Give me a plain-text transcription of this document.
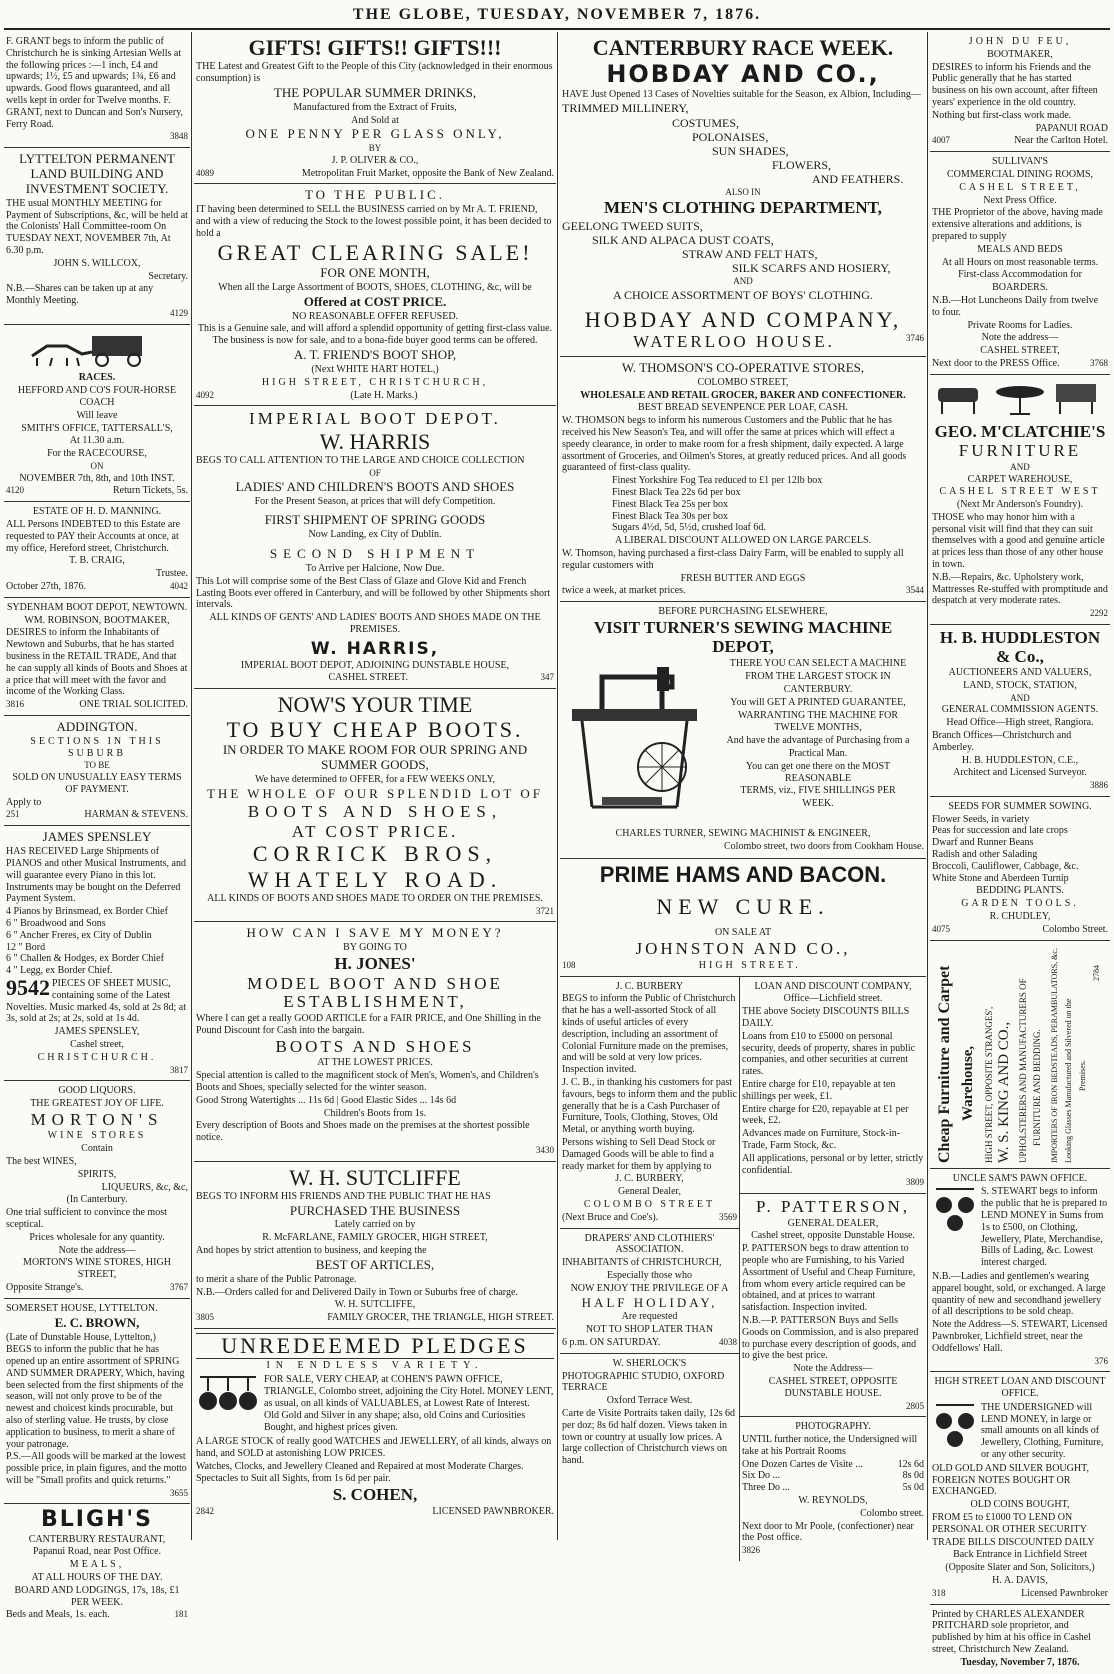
THE GLOBE, TUESDAY, NOVEMBER 7, 1876.

F. GRANT begs to inform the public of Christchurch he is sinking Artesian Wells at the following prices :—1 inch, £4 and upwards; 1½, £5 and upwards; 1¾, £6 and upwards. Good flows guaranteed, and all wells kept in order for Twelve months. F. GRANT, next to Duncan and Son's Nursery, Ferry Road.

3848

LYTTELTON PERMANENT LAND BUILDING AND INVESTMENT SOCIETY.

THE usual MONTHLY MEETING for Payment of Subscriptions, &c, will be held at the Colonists' Hall Committee-room On TUESDAY NEXT, NOVEMBER 7th, At 6.30 p.m.

JOHN S. WILLCOX,

Secretary.

N.B.—Shares can be taken up at any Monthly Meeting.

4129

RACES.

HEFFORD AND CO'S FOUR-HORSE COACH

Will leave

SMITH'S OFFICE, TATTERSALL'S,

At 11.30 a.m.

For the RACECOURSE,

ON

NOVEMBER 7th, 8th, and 10th INST.

4120	Return Tickets, 5s.

ESTATE OF H. D. MANNING.

ALL Persons INDEBTED to this Estate are requested to PAY their Accounts at once, at my office, Hereford street, Christchurch.

T. B. CRAIG,

Trustee.

October 27th, 1876.	4042

SYDENHAM BOOT DEPOT, NEWTOWN.

WM. ROBINSON, BOOTMAKER,

DESIRES to inform the Inhabitants of Newtown and Suburbs, that he has started business in the RETAIL TRADE, And that he can supply all kinds of Boots and Shoes at a price that will meet with the favor and income of the Working Class.

3816	ONE TRIAL SOLICITED.

ADDINGTON.

SECTIONS IN THIS SUBURB

TO BE

SOLD ON UNUSUALLY EASY TERMS OF PAYMENT.

Apply to

251	HARMAN & STEVENS.

JAMES SPENSLEY

HAS RECEIVED Large Shipments of PIANOS and other Musical Instruments, and will guarantee every Piano in this lot. Instruments may be bought on the Deferred Payment System.

4 Pianos by Brinsmead, ex Border Chief

6 " Broadwood and Sons

6 " Ancher Freres, ex City of Dublin

12 " Bord

6 " Challen & Hodges, ex Border Chief

4 " Legg, ex Border Chief.

9542 PIECES OF SHEET MUSIC, containing some of the Latest Novelties. Music marked 4s, sold at 2s 8d; at 3s, sold at 2s; at 2s, sold at 1s 4d.

JAMES SPENSLEY,

Cashel street,

CHRISTCHURCH.

3817

GOOD LIQUORS.

THE GREATEST JOY OF LIFE.

MORTON'S

WINE STORES

Contain

The best WINES,

SPIRITS,

LIQUEURS, &c, &c,

(In Canterbury.

One trial sufficient to convince the most sceptical.

Prices wholesale for any quantity.

Note the address—

MORTON'S WINE STORES, HIGH STREET,

Opposite Strange's.	3767

SOMERSET HOUSE, LYTTELTON.

E. C. BROWN,

(Late of Dunstable House, Lyttelton,)

BEGS to inform the public that he has opened up an entire assortment of SPRING AND SUMMER DRAPERY, Which, having been selected from the first shipments of the season, will not only prove to be of the newest and choicest kinds procurable, but also of sterling value. He trusts, by close application to business, to merit a share of your patronage.

P.S.—All goods will be marked at the lowest possible price, in plain figures, and the motto will be "Small profits and quick returns."

3655

BLIGH'S

CANTERBURY RESTAURANT,

Papanui Road, near Post Office.

MEALS,

AT ALL HOURS OF THE DAY.

BOARD AND LODGINGS, 17s, 18s, £1 PER WEEK.

Beds and Meals, 1s. each.	181

GIFTS! GIFTS!! GIFTS!!!

THE Latest and Greatest Gift to the People of this City (acknowledged in their enormous consumption) is

THE POPULAR SUMMER DRINKS,

Manufactured from the Extract of Fruits,

And Sold at

ONE PENNY PER GLASS ONLY,

BY

J. P. OLIVER & CO.,

4089	Metropolitan Fruit Market, opposite the Bank of New Zealand.

TO THE PUBLIC.

IT having been determined to SELL the BUSINESS carried on by Mr A. T. FRIEND, and with a view of reducing the Stock to the lowest possible point, it has been decided to hold a

GREAT CLEARING SALE!

FOR ONE MONTH,

When all the Large Assortment of BOOTS, SHOES, CLOTHING, &c, will be

Offered at COST PRICE.

NO REASONABLE OFFER REFUSED.

This is a Genuine sale, and will afford a splendid opportunity of getting first-class value. The business is now for sale, and to a bona-fide buyer good terms can be offered.

A. T. FRIEND'S BOOT SHOP,

(Next WHITE HART HOTEL,)

HIGH STREET, CHRISTCHURCH,

4092	(Late H. Marks.)

IMPERIAL BOOT DEPOT.

W. HARRIS

BEGS TO CALL ATTENTION TO THE LARGE AND CHOICE COLLECTION

OF

LADIES' AND CHILDREN'S BOOTS AND SHOES

For the Present Season, at prices that will defy Competition.

FIRST SHIPMENT OF SPRING GOODS

Now Landing, ex City of Dublin.

SECOND SHIPMENT

To Arrive per Halcione, Now Due.

This Lot will comprise some of the Best Class of Glaze and Glove Kid and French Lasting Boots ever offered in Canterbury, and will be followed by other Shipments short intervals.

ALL KINDS OF GENTS' AND LADIES' BOOTS AND SHOES MADE ON THE PREMISES.

W. HARRIS,

IMPERIAL BOOT DEPOT, ADJOINING DUNSTABLE HOUSE,

CASHEL STREET.	347

NOW'S YOUR TIME

TO BUY CHEAP BOOTS.

IN ORDER TO MAKE ROOM FOR OUR SPRING AND SUMMER GOODS,

We have determined to OFFER, for a FEW WEEKS ONLY,

THE WHOLE OF OUR SPLENDID LOT OF

BOOTS AND SHOES,

AT COST PRICE.

CORRICK BROS,

WHATELY ROAD.

ALL KINDS OF BOOTS AND SHOES MADE TO ORDER ON THE PREMISES.

3721

HOW CAN I SAVE MY MONEY?

BY GOING TO

H. JONES'

MODEL BOOT AND SHOE ESTABLISHMENT,

Where I can get a really GOOD ARTICLE for a FAIR PRICE, and One Shilling in the Pound Discount for Cash into the bargain.

BOOTS AND SHOES

AT THE LOWEST PRICES.

Special attention is called to the magnificent stock of Men's, Women's, and Children's Boots and Shoes, specially selected for the winter season.

Good Strong Watertights ... 11s 6d | Good Elastic Sides ... 14s 6d

Children's Boots from 1s.

Every description of Boots and Shoes made on the premises at the shortest possible notice.

3430

W. H. SUTCLIFFE

BEGS TO INFORM HIS FRIENDS AND THE PUBLIC THAT HE HAS

PURCHASED THE BUSINESS

Lately carried on by

R. McFARLANE, FAMILY GROCER, HIGH STREET,

And hopes by strict attention to business, and keeping the

BEST OF ARTICLES,

to merit a share of the Public Patronage.

N.B.—Orders called for and Delivered Daily in Town or Suburbs free of charge.

W. H. SUTCLIFFE,

3805	FAMILY GROCER, THE TRIANGLE, HIGH STREET.

UNREDEEMED PLEDGES

IN ENDLESS VARIETY.

FOR SALE, VERY CHEAP, at COHEN'S PAWN OFFICE, TRIANGLE, Colombo street, adjoining the City Hotel. MONEY LENT, as usual, on all kinds of VALUABLES, at Lowest Rate of Interest.

Old Gold and Silver in any shape; also, old Coins and Curiosities Bought, and highest prices given.

A LARGE STOCK of really good WATCHES and JEWELLERY, of all kinds, always on hand, and SOLD at astonishing LOW PRICES.

Watches, Clocks, and Jewellery Cleaned and Repaired at most Moderate Charges.

Spectacles to Suit all Sights, from 1s 6d per pair.

S. COHEN,

2842	LICENSED PAWNBROKER.

CANTERBURY RACE WEEK.

HOBDAY AND CO.,

HAVE Just Opened 13 Cases of Novelties suitable for the Season, ex Albion, Including—

TRIMMED MILLINERY,

COSTUMES,

POLONAISES,

SUN SHADES,

FLOWERS,

AND FEATHERS.

ALSO IN

MEN'S CLOTHING DEPARTMENT,

GEELONG TWEED SUITS,

SILK AND ALPACA DUST COATS,

STRAW AND FELT HATS,

SILK SCARFS AND HOSIERY,

AND

A CHOICE ASSORTMENT OF BOYS' CLOTHING.

HOBDAY AND COMPANY,

WATERLOO HOUSE.	3746

W. THOMSON'S CO-OPERATIVE STORES,

COLOMBO STREET,

WHOLESALE AND RETAIL GROCER, BAKER AND CONFECTIONER.

BEST BREAD SEVENPENCE PER LOAF, CASH.

W. THOMSON begs to inform his numerous Customers and the Public that he has received his New Season's Tea, and will offer the same at prices which will effect a speedy clearance, in order to make room for a fresh shipment, daily expected. A large assortment of Groceries, and Oilmen's Stores, at greatly reduced prices. And all goods guaranteed of first-class quality.

Finest Yorkshire Fog Tea reduced to £1 per 12lb box

Finest Black Tea 22s 6d per box

Finest Black Tea 25s per box

Finest Black Tea 30s per box

Sugars 4½d, 5d, 5½d, crushed loaf 6d.

A LIBERAL DISCOUNT ALLOWED ON LARGE PARCELS.

W. Thomson, having purchased a first-class Dairy Farm, will be enabled to supply all regular customers with

FRESH BUTTER AND EGGS

twice a week, at market prices.	3544

BEFORE PURCHASING ELSEWHERE,

VISIT TURNER'S SEWING MACHINE DEPOT,

THERE YOU CAN SELECT A MACHINE

FROM THE LARGEST STOCK IN

CANTERBURY.

You will GET A PRINTED GUARANTEE,

WARRANTING THE MACHINE FOR

TWELVE MONTHS,

And have the advantage of Purchasing from a

Practical Man.

You can get one there on the MOST REASONABLE

TERMS, viz., FIVE SHILLINGS PER

WEEK.

CHARLES TURNER, SEWING MACHINIST & ENGINEER,

Colombo street, two doors from Cookham House.

PRIME HAMS AND BACON.

NEW CURE.

ON SALE AT

JOHNSTON AND CO.,

108	HIGH STREET.

J. C. BURBERY

BEGS to inform the Public of Christchurch that he has a well-assorted Stock of all kinds of useful articles of every description, including an assortment of Colonial Furniture made on the premises, and will be sold at very low prices. Inspection invited.

J. C. B., in thanking his customers for past favours, begs to inform them and the public generally that he is a Cash Purchaser of Furniture, Tools, Clothing, Stoves, Old Metal, or anything worth buying.

Persons wishing to Sell Dead Stock or Damaged Goods will be able to find a ready market for them by applying to

J. C. BURBERY,

General Dealer,

COLOMBO STREET

(Next Bruce and Coe's).	3569

DRAPERS' AND CLOTHIERS' ASSOCIATION.

INHABITANTS of CHRISTCHURCH,

Especially those who

NOW ENJOY THE PRIVILEGE OF A

HALF HOLIDAY,

Are requested

NOT TO SHOP LATER THAN

6 p.m. ON SATURDAY.	4038

W. SHERLOCK'S

PHOTOGRAPHIC STUDIO, OXFORD TERRACE

Oxford Terrace West.

Carte de Visite Portraits taken daily, 12s 6d per doz; 8s 6d half dozen. Views taken in town or country at usually low prices. A large collection of Christchurch views on hand.

LOAN AND DISCOUNT COMPANY,

Office—Lichfield street.

THE above Society DISCOUNTS BILLS DAILY.

Loans from £10 to £5000 on personal security, deeds of property, shares in public companies, and other securities at current rates.

Entire charge for £10, repayable at ten shillings per week, £1.

Entire charge for £20, repayable at £1 per week, £2.

Advances made on Furniture, Stock-in-Trade, Farm Stock, &c.

All applications, personal or by letter, strictly confidential.

3809

P. PATTERSON,

GENERAL DEALER,

Cashel street, opposite Dunstable House.

P. PATTERSON begs to draw attention to people who are Furnishing, to his Varied Assortment of Useful and Cheap Furniture, from whom every article required can be obtained, and at prices to warrant satisfaction. Inspection invited.

N.B.—P. PATTERSON Buys and Sells Goods on Commission, and is also prepared to purchase every description of goods, and to give the best price.

Note the Address—

CASHEL STREET, OPPOSITE DUNSTABLE HOUSE.

2805

PHOTOGRAPHY.

UNTIL further notice, the Undersigned will take at his Portrait Rooms

One Dozen Cartes de Visite ...	12s 6d
Six Do ...	8s 0d
Three Do ...	5s 0d

W. REYNOLDS,

Colombo street.

Next door to Mr Poole, (confectioner) near the Post office.

3826

JOHN DU FEU,

BOOTMAKER,

DESIRES to inform his Friends and the Public generally that he has started business on his own account, after fifteen years' experience in the old country.

Nothing but first-class work made.

PAPANUI ROAD

4007	Near the Carlton Hotel.

SULLIVAN'S

COMMERCIAL DINING ROOMS,

CASHEL STREET,

Next Press Office.

THE Proprietor of the above, having made extensive alterations and additions, is prepared to supply

MEALS AND BEDS

At all Hours on most reasonable terms.

First-class Accommodation for

BOARDERS.

N.B.—Hot Luncheons Daily from twelve to four.

Private Rooms for Ladies.

Note the address—

CASHEL STREET,

Next door to the PRESS Office.	3768

GEO. M'CLATCHIE'S

FURNITURE

AND

CARPET WAREHOUSE,

CASHEL STREET WEST

(Next Mr Anderson's Foundry).

THOSE who may honor him with a personal visit will find that they can suit themselves with a good and genuine article at prices less than those of any other house in town.

N.B.—Repairs, &c. Upholstery work, Mattresses Re-stuffed with promptitude and despatch at very moderate rates.

2292

H. B. HUDDLESTON & Co.,

AUCTIONEERS AND VALUERS,

LAND, STOCK, STATION,

AND

GENERAL COMMISSION AGENTS.

Head Office—High street, Rangiora.

Branch Offices—Christchurch and Amberley.

H. B. HUDDLESTON, C.E.,

Architect and Licensed Surveyor.

3886

SEEDS FOR SUMMER SOWING.

Flower Seeds, in variety

Peas for succession and late crops

Dwarf and Runner Beans

Radish and other Salading

Broccoli, Cauliflower, Cabbage, &c.

White Stone and Aberdeen Turnip

BEDDING PLANTS.

GARDEN TOOLS.

R. CHUDLEY,

4075	Colombo Street.
Cheap Furniture and Carpet Warehouse, HIGH STREET, OPPOSITE STRANGES', W. S. KING AND CO., UPHOLSTERERS AND MANUFACTURERS OF FURNITURE AND BEDDING. IMPORTERS OF IRON BEDSTEADS, PERAMBULATORS, &c. Looking Glasses Manufactured and Silvered on the Premises.
2784

UNCLE SAM'S PAWN OFFICE.

S. STEWART begs to inform the public that he is prepared to LEND MONEY in Sums from 1s to £500, on Clothing, Jewellery, Plate, Merchandise, Bills of Lading, &c. Lowest interest charged.

N.B.—Ladies and gentlemen's wearing apparel bought, sold, or exchanged. A large quantity of new and secondhand jewellery of all descriptions to be sold cheap.

Note the Address—S. STEWART, Licensed Pawnbroker, Lichfield street, near the Oddfellows' Hall.

376

HIGH STREET LOAN AND DISCOUNT OFFICE.

THE UNDERSIGNED will LEND MONEY, in large or small amounts on all kinds of Jewellery, Clothing, Furniture, or any other security.

OLD GOLD AND SILVER BOUGHT, FOREIGN NOTES BOUGHT OR EXCHANGED.

OLD COINS BOUGHT,

FROM £5 to £1000 TO LEND ON PERSONAL OR OTHER SECURITY

TRADE BILLS DISCOUNTED DAILY

Back Entrance in Lichfield Street

(Opposite Slater and Son, Solicitors,)

H. A. DAVIS,

318	Licensed Pawnbroker

Printed by CHARLES ALEXANDER PRITCHARD sole proprietor, and published by him at his office in Cashel street, Christchurch New Zealand.

Tuesday, November 7, 1876.
